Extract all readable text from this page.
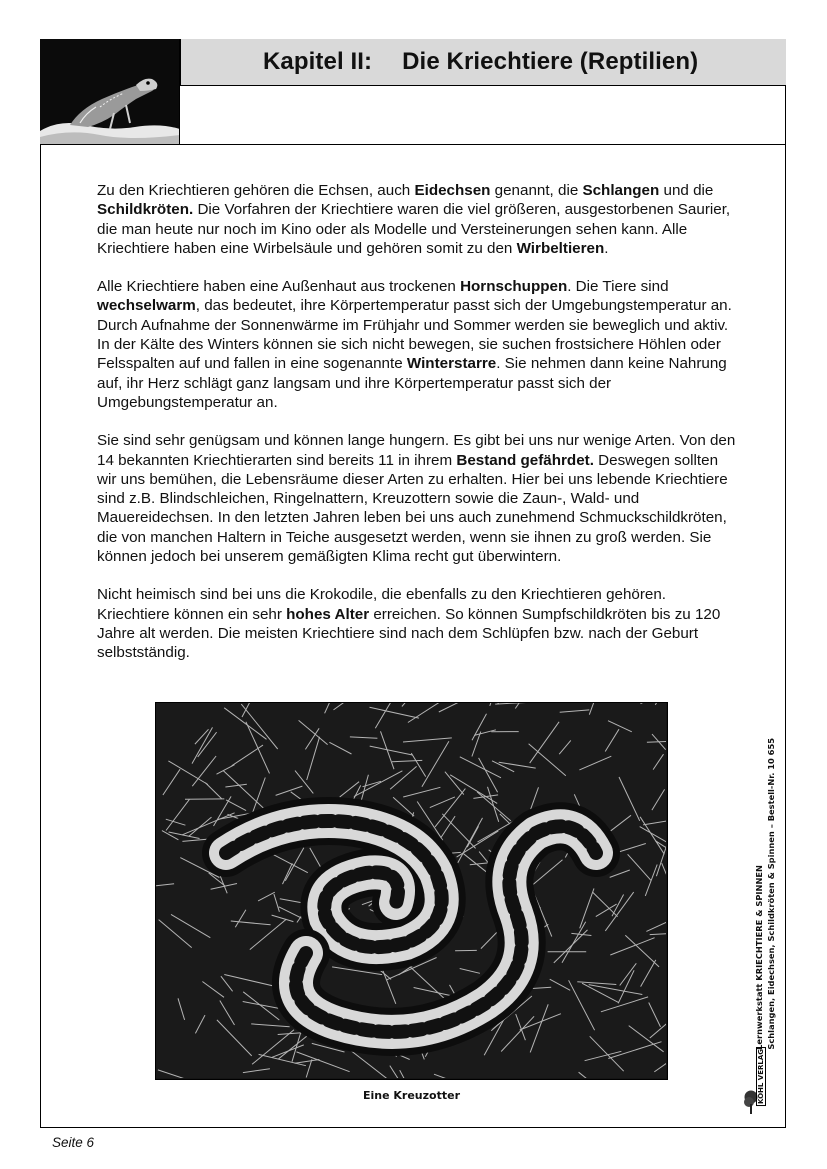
Kapitel II: Die Kriechtiere (Reptilien)

Zu den Kriechtieren gehören die Echsen, auch Eidechsen genannt, die Schlangen und die Schildkröten. Die Vorfahren der Kriechtiere waren die viel größeren, ausgestorbenen Saurier, die man heute nur noch im Kino oder als Modelle und Versteinerungen sehen kann. Alle Kriechtiere haben eine Wirbelsäule und gehören somit zu den Wirbeltieren.

Alle Kriechtiere haben eine Außenhaut aus trockenen Hornschuppen. Die Tiere sind wechselwarm, das bedeutet, ihre Körpertemperatur passt sich der Umgebungstemperatur an. Durch Aufnahme der Sonnenwärme im Frühjahr und Sommer werden sie beweglich und aktiv. In der Kälte des Winters können sie sich nicht bewegen, sie suchen frostsichere Höhlen oder Felsspalten auf und fallen in eine sogenannte Winterstarre. Sie nehmen dann keine Nahrung auf, ihr Herz schlägt ganz langsam und ihre Körpertemperatur passt sich der Umgebungstemperatur an.

Sie sind sehr genügsam und können lange hungern. Es gibt bei uns nur wenige Arten. Von den 14 bekannten Kriechtierarten sind bereits 11 in ihrem Bestand gefährdet. Deswegen sollten wir uns bemühen, die Lebensräume dieser Arten zu erhalten. Hier bei uns lebende Kriechtiere sind z.B. Blindschleichen, Ringelnattern, Kreuzottern sowie die Zaun-, Wald- und Mauereidechsen. In den letzten Jahren leben bei uns auch zunehmend Schmuckschildkröten, die von manchen Haltern in Teiche ausgesetzt werden, wenn sie ihnen zu groß werden. Sie können jedoch bei unserem gemäßigten Klima recht gut überwintern.

Nicht heimisch sind bei uns die Krokodile, die ebenfalls zu den Kriechtieren gehören. Kriechtiere können ein sehr hohes Alter erreichen. So können Sumpfschildkröten bis zu 120 Jahre alt werden. Die meisten Kriechtiere sind nach dem Schlüpfen bzw. nach der Geburt selbstständig.

Eine Kreuzotter
Lernwerkstatt KRIECHTIERE & SPINNEN Schlangen, Eidechsen, Schildkröten & Spinnen – Bestell-Nr. 10 655
KOHL VERLAG
Seite 6
